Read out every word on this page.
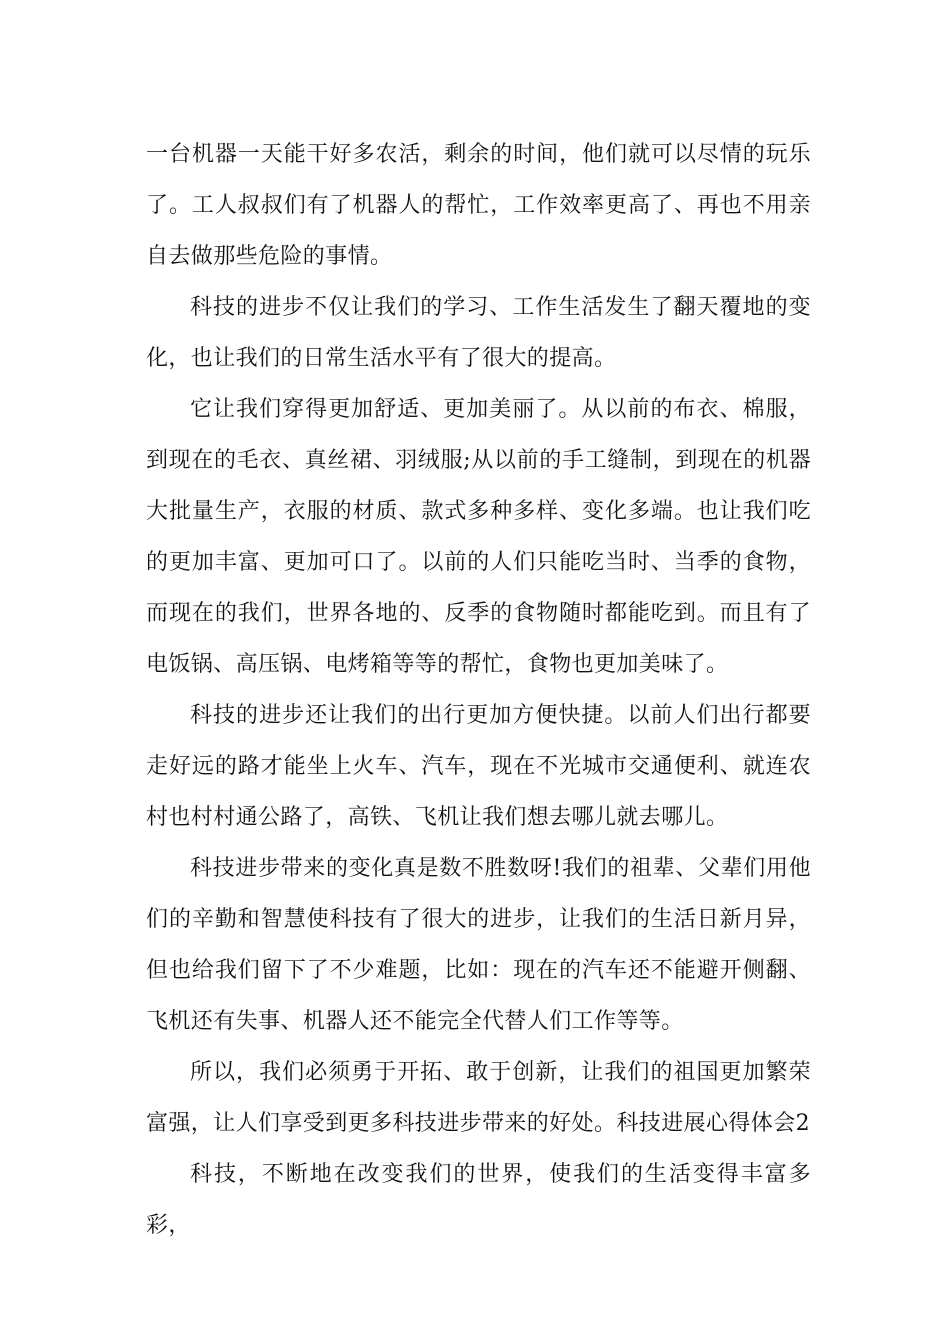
一台机器一天能干好多农活，剩余的时间，他们就可以尽情的玩乐了。工人叔叔们有了机器人的帮忙，工作效率更高了、再也不用亲自去做那些危险的事情。

科技的进步不仅让我们的学习、工作生活发生了翻天覆地的变化，也让我们的日常生活水平有了很大的提高。

它让我们穿得更加舒适、更加美丽了。从以前的布衣、棉服，到现在的毛衣、真丝裙、羽绒服;从以前的手工缝制，到现在的机器大批量生产，衣服的材质、款式多种多样、变化多端。也让我们吃的更加丰富、更加可口了。以前的人们只能吃当时、当季的食物，而现在的我们，世界各地的、反季的食物随时都能吃到。而且有了电饭锅、高压锅、电烤箱等等的帮忙，食物也更加美味了。

科技的进步还让我们的出行更加方便快捷。以前人们出行都要走好远的路才能坐上火车、汽车，现在不光城市交通便利、就连农村也村村通公路了，高铁、飞机让我们想去哪儿就去哪儿。

科技进步带来的变化真是数不胜数呀!我们的祖辈、父辈们用他们的辛勤和智慧使科技有了很大的进步，让我们的生活日新月异，但也给我们留下了不少难题，比如：现在的汽车还不能避开侧翻、飞机还有失事、机器人还不能完全代替人们工作等等。

所以，我们必须勇于开拓、敢于创新，让我们的祖国更加繁荣富强，让人们享受到更多科技进步带来的好处。科技进展心得体会2

科技，不断地在改变我们的世界，使我们的生活变得丰富多彩，
